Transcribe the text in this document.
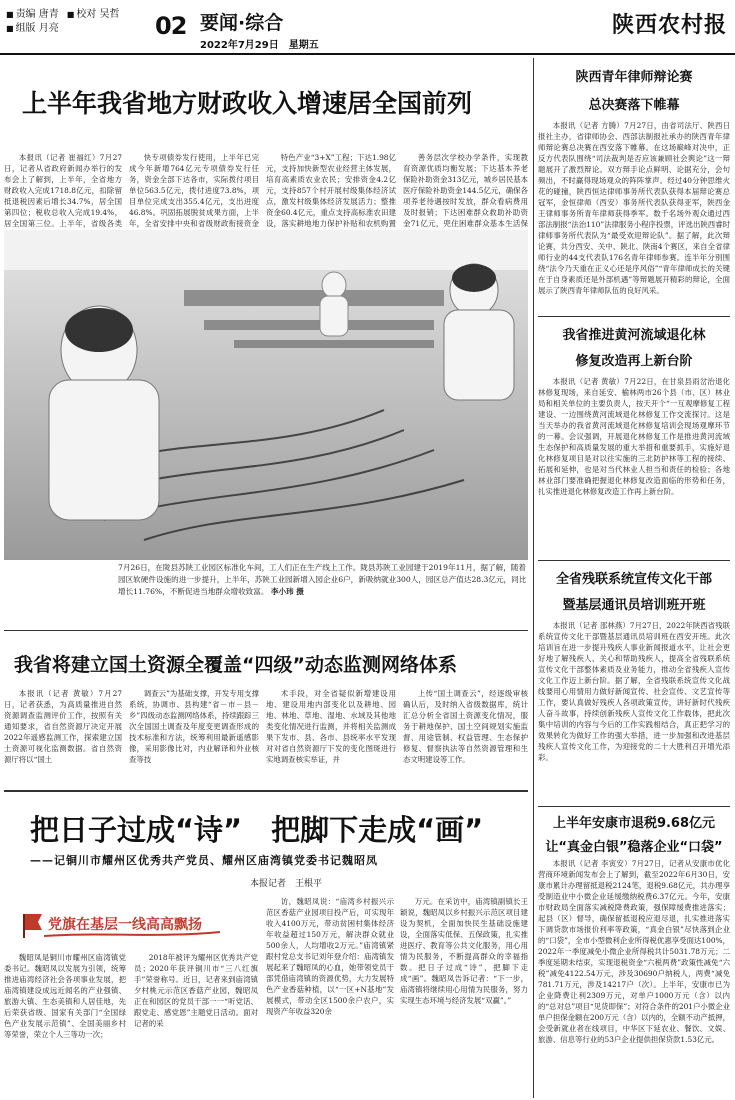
■ 责编 唐青■ 校对 吴哲
■ 组版 月亮	02 要闻·综合
2022年7月29日　星期五
陕西农村报
上半年我省地方财政收入增速居全国前列

本报讯（记者 崔福红）7月27日，记者从省政府新闻办举行的发布会上了解到，上半年，全省地方财政收入完成1718.8亿元，扣除留抵退税因素后增长34.7%，居全国第四位；税收总收入完成19.4%，居全国第三位。上半年，省级各类

快专项债券发行使用，上半年已完成今年新增764亿元专项债券发行任务，资金全部下达各市，实际拨付项目单位563.5亿元，拨付进度73.8%，项目单位完成支出355.4亿元，支出进度46.8%。巩固拓展脱贫成果方面，上半年，全省安排中央和省级财政衔接资金

特色产业“3+X”工程；下达1.98亿元，支持加快新型农业经营主体发展，培育高素质农业农民；安排资金4.2亿元，支持857个村开展村级集体经济试点，激发村级集体经济发展活力；整推资金60.4亿元，重点支持高标准农田建设，落实耕地地力保护补贴和农机购置

善务层次学校办学条件，实现教育资源优质均衡发展；下达基本养老保险补助资金313亿元，城乡居民基本医疗保险补助资金144.5亿元，确保各项养老待遇按时发放，群众看病费用及时报销；下达困难群众救助补助资金71亿元，兜住困难群众基本生活保

7月26日，在陇县苏陕工业园区标准化车间，工人们正在生产线上工作。陇县苏陕工业园建于2019年11月，据了解，随着园区软硬件设施的进一步提升，上半年，苏陕工业园新增入园企业6户，新吸纳就业300人，园区总产值达28.3亿元，同比增长11.76%，不断促进当地群众增收致富。 李小玮 摄
我省将建立国土资源全覆盖“四级”动态监测网络体系

本报讯（记者 黄敏）7月27日，记者获悉，为高质量推进自然资源调查监测评价工作，按照有关通知要求，省自然资源厅决定开展2022年遥感监测工作，探索建立国土资源可视化监测数据。省自然资源厅将以“国土

调查云”为基础支撑，开发专用支撑系统，协调市、县构建“省－市－县－乡”四级动态监测网络体系，持续跟踪三次全国国土调查及年度变更调查形成的技术标准和方法，统筹利用最新遥感影像，采用影像比对，内业解译和外业核查等技

术手段，对全省疑似新增建设用地、建设用地内部变化以及耕地、园地、林地、草地、湿地、水域及其他地类变化情况进行监测，并将相关监测成果下发市、县、各市、县统率水平发现对对省自然资源厅下发的变化图斑进行实地调查核实举证，并

上传“国土调查云”，经逐级审核确认后，及时纳入省级数据库，统计汇总分析全省国土资源变化情况，服务于耕地保护、国土空间规划实施监督、用途管制、权益管理、生态保护修复、督察执法等自然资源管理和生态文明建设等工作。

把日子过成“诗”　把脚下走成“画”
——记铜川市耀州区优秀共产党员、耀州区庙湾镇党委书记魏昭凤
本报记者　王根平
党旗在基层一线高高飘扬

魏昭凤是铜川市耀州区庙湾镇党委书记。魏昭凤以发展为引领，统筹推进庙湾经济社会各项事业发展，把庙湾镇建设成远近闻名的产业强镇、旅游大镇、生态美镇和人居佳地，先后荣获省级、国家有关部门“全国绿色产业发展示范镇”、全国美丽乡村等荣誉，荣立个人三等功一次；

2018年被评为耀州区优秀共产党员；2020年获评铜川市“三八红旗手”荣誉称号。近日，记者来到庙湾镇夕村桃元示范区香菇产业园，魏昭凤正在和园区的党员干部一一“听党话、跟党走、感党恩”主题党日活动。面对记者的采

访，魏昭凤说：“庙湾乡村振兴示范区香菇产业园项目投产后，可实现年收入4100万元，带动贫困村集体经济年收益超过150万元，解决群众就业500余人，人均增收2万元。”庙湾镇紧跟村党总支书记刘年登介绍：庙湾镇发展起来了魏昭凤的心血，她带领党员干部凭借庙湾镇的资源优势，大力发展特色产业香菇种植，以“一区+N基地”发展模式，带动全区1500余户农户，实现资产年收益320余

万元。在采访中，庙湾镇副镇长王颖说，魏昭凤以乡村振兴示范区项目建设为契机，全面加快民生基础设施建设，全面落实低保、五保政策，扎实推进医疗、教育等公共文化服务，用心用情为民服务，不断提高群众的幸福指数。把日子过成“诗”，把脚下走成“画”。魏昭凤告诉记者：“下一步，庙湾镇将继续用心用情为民服务，努力实现生态环境与经济发展“双赢”。”

陕西青年律师辩论赛
总决赛落下帷幕

本报讯（记者 方腾）7月27日，由省司法厅、陕西日报社主办，省律师协会、西部法制报社承办的陕西青年律师辩论赛总决赛在西安落下帷幕。在这场巅峰对决中，正反方代表队围绕“司法裁判是否应该兼顾社会舆论”这一辩题展开了激烈辩论。双方辩手论点鲜明、论据充分，会句频出，不时赢得现场观众的阵阵掌声。经过40分钟思维火花的碰撞，陕西恒达律师事务所代表队获得本届辩论赛总冠军，金恒律师（西安）事务所代表队获得亚军，陕西金王律师事务所青年律师获得季军。数千名场外观众通过西部法制报“法治110”法律服务小程序投票，评选出陕西睿时律师事务所代表队为“最受欢迎辩论队”。据了解，此次辩论赛，共分西安、关中、陕北、陕南4个赛区，来自全省律师行业的44支代表队176名青年律师参赛。连半年分别围绕“法令乃天重在正义心还是序风俗”“青年律师成长的关键在于自身素质还是外部机遇”等辩题展开精彩的辩论，全面展示了陕西青年律师队伍的良好风采。

我省推进黄河流域退化林
修复改造再上新台阶

本报讯（记者 黄敏）7月22日，在甘泉县雨岔治退化林修复现场，来自延安、榆林两市26个县（市、区）林业局和相关单位的主要负责人，按天开个“一互观摩修复工程建设、一边围绕黄河流域退化林修复工作交流探讨。这是当天举办的我省黄河流域退化林修复培训会现场观摩环节的一幕。会议强调，开展退化林修复工作是推进黄河流域生态保护和高质量发展的重大举措和重要抓手，实施好退化林修复项目是对以往实施的三北防护林等工程的接续、拓展和延伸，也是对当代林业人担当和责任的检验；各地林业部门要准确把握退化林修复改造面临的形势和任务，扎实推进退化林修复改造工作再上新台阶。

全省残联系统宣传文化干部
暨基层通讯员培训班开班

本报讯（记者 邵林燕）7月27日，2022年陕西省残联系统宣传文化干部暨基层通讯员培训班在西安开班。此次培训旨在进一步提升残疾人事业新闻报道水平，让社会更好地了解残疾人、关心和帮助残疾人，提高全省残联系统宣传文化干部整体素质及业务能力，推动全省残疾人宣传文化工作迈上新台阶。据了解，全省残联系统宣传文化战线要用心用情用力做好新闻宣传、社会宣传、文艺宣传等工作，要认真做好残疾人各项政策宣传，讲好新时代残疾人奋斗故事，持续创新残疾人宣传文化工作载体，把此次集中培训的内容与今后的工作实践相结合，真正把学习的效果转化为做好工作的强大举措，进一步加强和改进基层残疾人宣传文化工作，为迎接党的二十大胜利召开增光添彩。

上半年安康市退税9.68亿元
让“真金白银”稳落企业“口袋”

本报讯（记者 李寅安）7月27日，记者从安康市优化营商环境新闻发布会上了解到，截至2022年6月30日，安康市累计办理留抵退税2124笔，退税9.68亿元，共办理享受制造业中小微企业延缓缴纳税费6.37亿元。今年，安康市财政局全面落实减税降费政策，强保障缓费推进落实；起县（区）督导，确保留抵退税应退尽退，扎实推进落实下调贷款市场报价利率等政策，“真金白银”尽快落到企业的“口袋”，全市小型微利企业所得税优惠享受面达100%，2022年一季度减免小微企业所得税共计5031.78万元；二季度延期未结束，实现退税资金“六税两费”政策性减免“六税”减免4122.54万元，涉及30690户纳税人，两费“减免781.71万元，涉及14217户（次）。上半年，安康市已为企业降费让利2309万元，对单户1000万元（含）以内的“总对总”项目“见货即保”；对符合条件的201户小微企业单户担保金额在200万元（含）以内的，全额不动产抵押，会受新就业者在线项目，中华区下延农业、餐饮、文娱、旅游、信息等行业的53户企业提供担保贷款1.53亿元。
